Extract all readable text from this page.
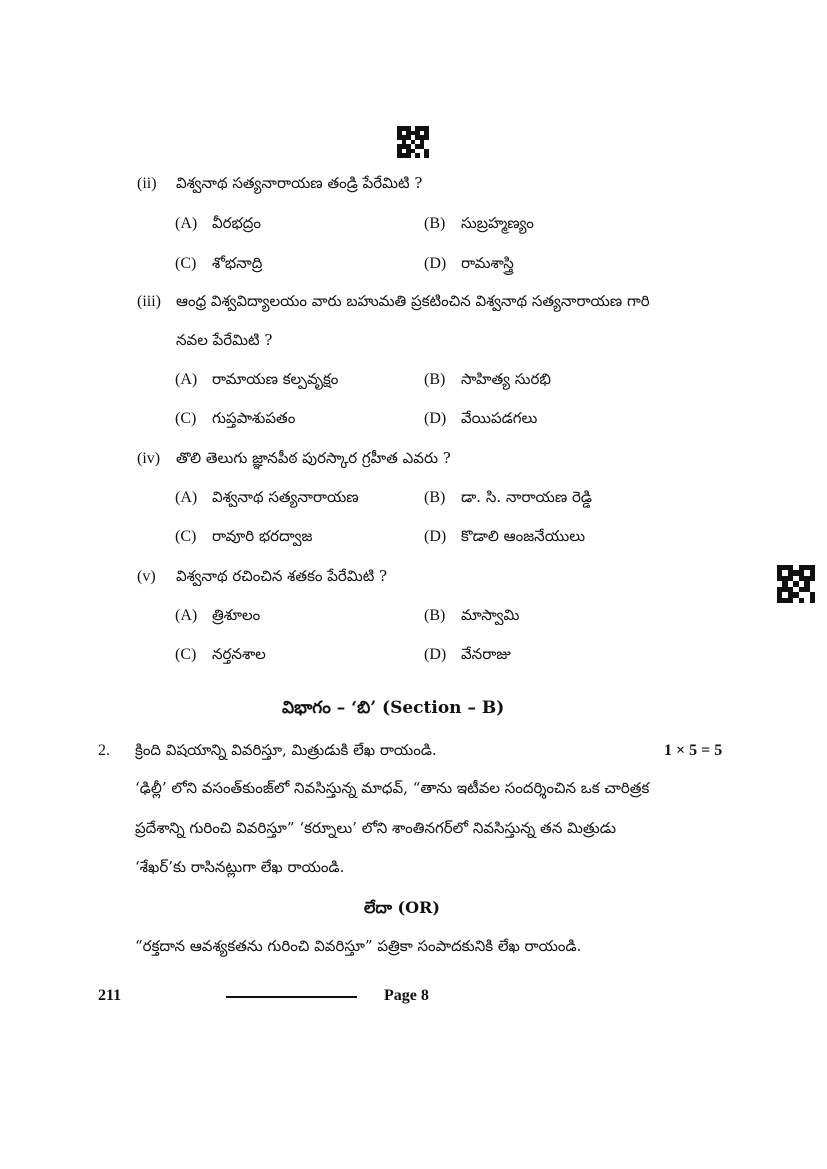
(ii) విశ్వనాథ సత్యనారాయణ తండ్రి పేరేమిటి ?
(A) వీరభద్రం	(B) సుబ్రహ్మణ్యం
(C) శోభనాద్రి	(D) రామశాస్త్రి
(iii) ఆంధ్ర విశ్వవిద్యాలయం వారు బహుమతి ప్రకటించిన విశ్వనాథ సత్యనారాయణ గారి
నవల పేరేమిటి ?
(A) రామాయణ కల్పవృక్షం	(B) సాహిత్య సురభి
(C) గుప్తపాశుపతం	(D) వేయిపడగలు
(iv) తొలి తెలుగు జ్ఞానపీఠ పురస్కార గ్రహీత ఎవరు ?
(A) విశ్వనాథ సత్యనారాయణ	(B) డా. సి. నారాయణ రెడ్డి
(C) రావూరి భరద్వాజ	(D) కొడాలి ఆంజనేయులు
(v) విశ్వనాథ రచించిన శతకం పేరేమిటి ?
(A) త్రిశూలం	(B) మాస్వామి
(C) నర్తనశాల	(D) వేనరాజు
విభాగం – ‘బి’ (Section – B)
2. క్రింది విషయాన్ని వివరిస్తూ, మిత్రుడుకి లేఖ రాయండి.	1 × 5 = 5
‘ఢిల్లీ’ లోని వసంత్‌కుంజ్‌లో నివసిస్తున్న మాధవ్, “తాను ఇటీవల సందర్శించిన ఒక చారిత్రక
ప్రదేశాన్ని గురించి వివరిస్తూ” ‘కర్నూలు’ లోని శాంతినగర్‌లో నివసిస్తున్న తన మిత్రుడు
‘శేఖర్’కు రాసినట్లుగా లేఖ రాయండి.
లేదా (OR)
“రక్తదాన ఆవశ్యకతను గురించి వివరిస్తూ” పత్రికా సంపాదకునికి లేఖ రాయండి.
211	Page 8
